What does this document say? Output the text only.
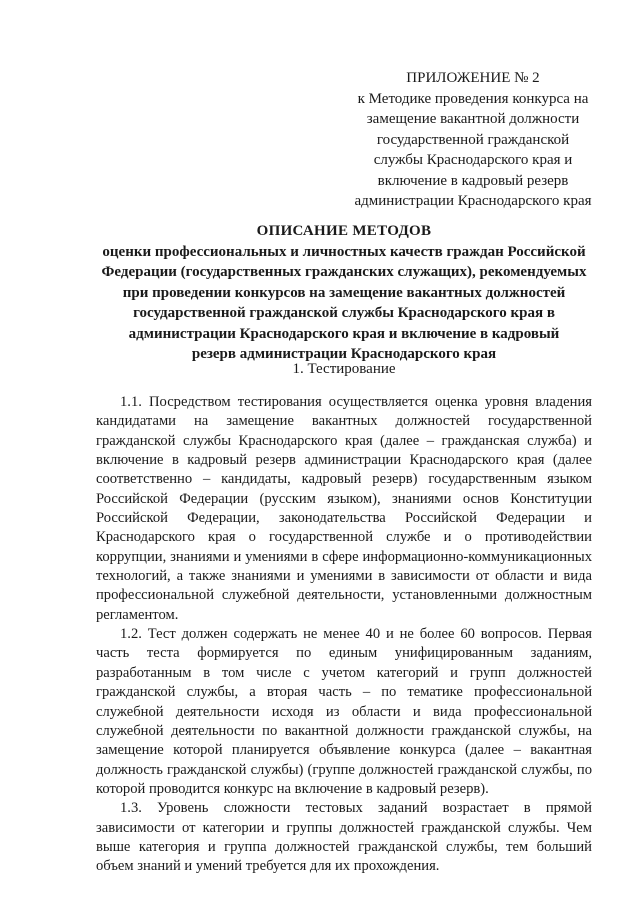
ПРИЛОЖЕНИЕ № 2
к Методике проведения конкурса на
замещение вакантной должности
государственной гражданской
службы Краснодарского края и
включение в кадровый резерв
администрации Краснодарского края
ОПИСАНИЕ МЕТОДОВ
оценки профессиональных и личностных качеств граждан Российской
Федерации (государственных гражданских служащих), рекомендуемых
при проведении конкурсов на замещение вакантных должностей
государственной гражданской службы Краснодарского края в
администрации Краснодарского края и включение в кадровый
резерв администрации Краснодарского края
1. Тестирование

1.1. Посредством тестирования осуществляется оценка уровня владения кандидатами на замещение вакантных должностей государственной гражданской службы Краснодарского края (далее – гражданская служба) и включение в кадровый резерв администрации Краснодарского края (далее соответственно – кандидаты, кадровый резерв) государственным языком Российской Федерации (русским языком), знаниями основ Конституции Российской Федерации, законодательства Российской Федерации и Краснодарского края о государственной службе и о противодействии коррупции, знаниями и умениями в сфере информационно-коммуникационных технологий, а также знаниями и умениями в зависимости от области и вида профессиональной служебной деятельности, установленными должностным регламентом.

1.2. Тест должен содержать не менее 40 и не более 60 вопросов. Первая часть теста формируется по единым унифицированным заданиям, разработанным в том числе с учетом категорий и групп должностей гражданской службы, а вторая часть – по тематике профессиональной служебной деятельности исходя из области и вида профессиональной служебной деятельности по вакантной должности гражданской службы, на замещение которой планируется объявление конкурса (далее – вакантная должность гражданской службы) (группе должностей гражданской службы, по которой проводится конкурс на включение в кадровый резерв).

1.3. Уровень сложности тестовых заданий возрастает в прямой зависимости от категории и группы должностей гражданской службы. Чем выше категория и группа должностей гражданской службы, тем больший объем знаний и умений требуется для их прохождения.
